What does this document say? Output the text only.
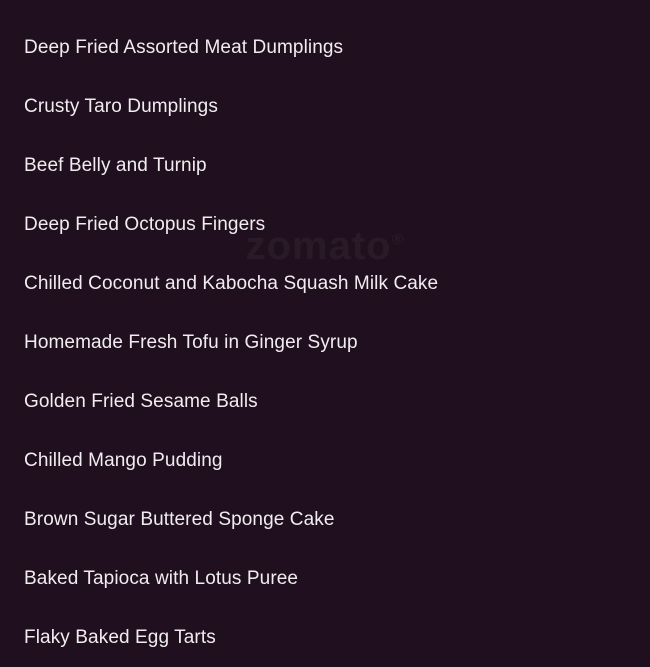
Deep Fried Assorted Meat Dumplings
Crusty Taro Dumplings
Beef Belly and Turnip
Deep Fried Octopus Fingers
Chilled Coconut and Kabocha Squash Milk Cake
Homemade Fresh Tofu in Ginger Syrup
Golden Fried Sesame Balls
Chilled Mango Pudding
Brown Sugar Buttered Sponge Cake
Baked Tapioca with Lotus Puree
Flaky Baked Egg Tarts
